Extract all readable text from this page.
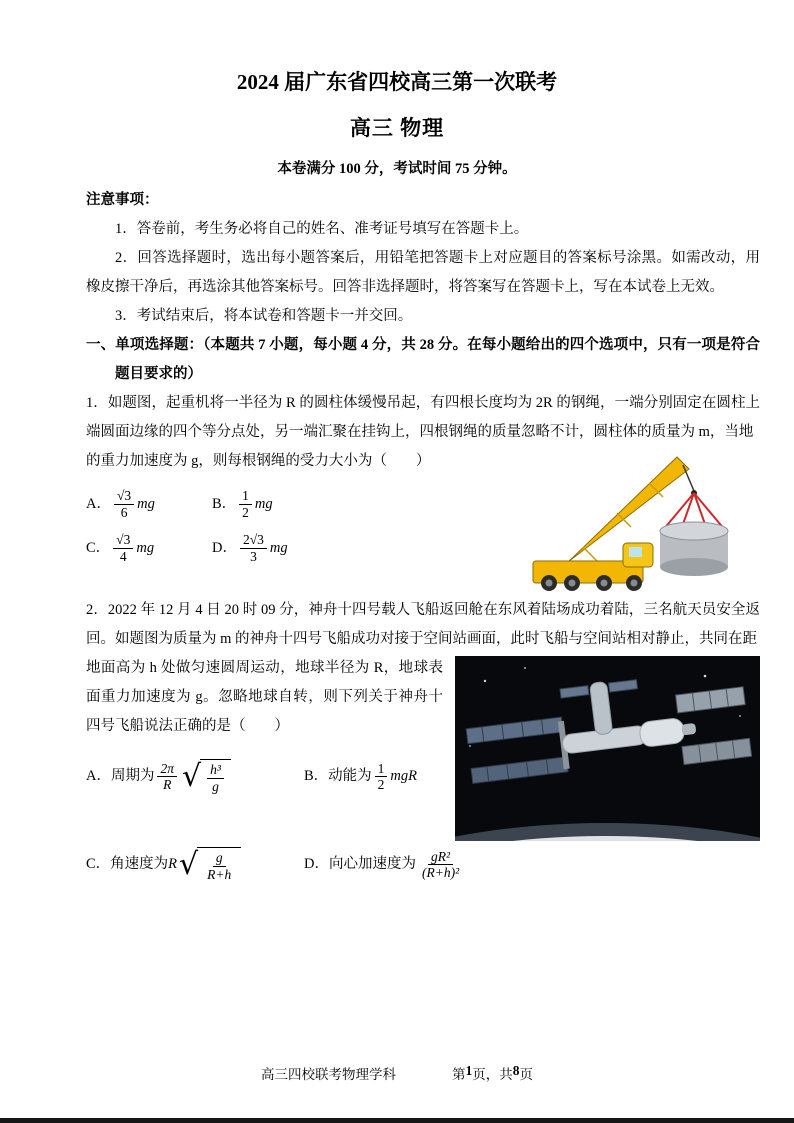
2024 届广东省四校高三第一次联考
高三 物理
本卷满分 100 分，考试时间 75 分钟。
注意事项：

1．答卷前，考生务必将自己的姓名、准考证号填写在答题卡上。

2．回答选择题时，选出每小题答案后，用铅笔把答题卡上对应题目的答案标号涂黑。如需改动，用橡皮擦干净后，再选涂其他答案标号。回答非选择题时，将答案写在答题卡上，写在本试卷上无效。

3．考试结束后，将本试卷和答题卡一并交回。

一、单项选择题：（本题共 7 小题，每小题 4 分，共 28 分。在每小题给出的四个选项中，只有一项是符合题目要求的）

1．如题图，起重机将一半径为 R 的圆柱体缓慢吊起，有四根长度均为 2R 的钢绳，一端分别固定在圆柱上端圆面边缘的四个等分点处，另一端汇聚在挂钩上，四根钢绳的质量忽略不计，圆柱体的质量为 m，当地

的重力加速度为 g，则每根钢绳的受力大小为（　　）

A． $\frac{√3}{6}$ mg	B． $\frac{1}{2}$ mg
C． $\frac{√3}{4}$ mg	D． $\frac{2√3}{3}$ mg

2．2022 年 12 月 4 日 20 时 09 分，神舟十四号载人飞船返回舱在东风着陆场成功着陆，三名航天员安全返回。如题图为质量为 m 的神舟十四号飞船成功对接于空间站画面，此时飞船与空间站相对静止，共同在距

地面高为 h 处做匀速圆周运动，地球半径为 R，地球表面重力加速度为 g。忽略地球自转，则下列关于神舟十四号飞船说法正确的是（　　）

A． 周期为 $\frac{2\pi}{R}$ √ $\frac{\text{h³}}{g}$	B． 动能为 $\frac{1}{2}$ mgR
C． 角速度为 R √ $\frac{g}{R+h}$	D． 向心加速度为 $\frac{\text{gR²}}{\text{(R+h)²}}$
高三四校联考物理学科	第 1 页，共 8 页
